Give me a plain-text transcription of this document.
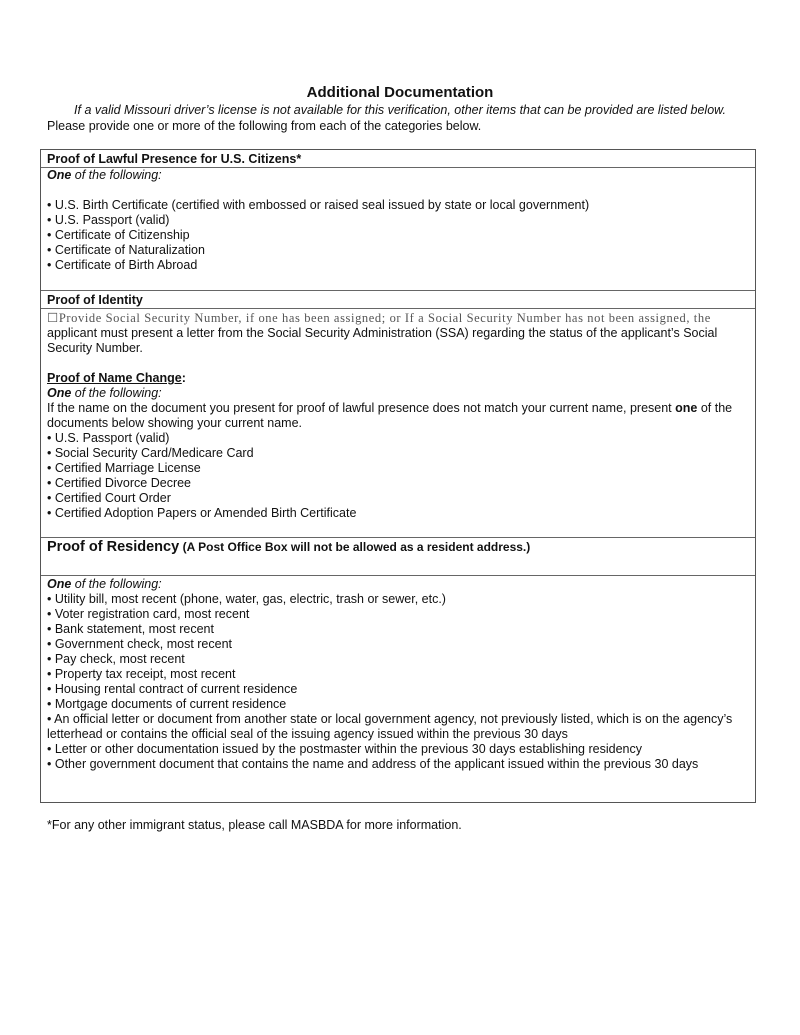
Additional Documentation
If a valid Missouri driver’s license is not available for this verification, other items that can be provided are listed below.
Please provide one or more of the following from each of the categories below.
Proof of Lawful Presence for U.S. Citizens*
One of the following:
• U.S. Birth Certificate (certified with embossed or raised seal issued by state or local government)
• U.S. Passport (valid)
• Certificate of Citizenship
• Certificate of Naturalization
• Certificate of Birth Abroad
Proof of Identity
☐Provide Social Security Number, if one has been assigned; or If a Social Security Number has not been assigned, the
applicant must present a letter from the Social Security Administration (SSA) regarding the status of the applicant’s Social Security Number.
Proof of Name Change:
One of the following:
If the name on the document you present for proof of lawful presence does not match your current name, present one of the documents below showing your current name.
• U.S. Passport (valid)
• Social Security Card/Medicare Card
• Certified Marriage License
• Certified Divorce Decree
• Certified Court Order
• Certified Adoption Papers or Amended Birth Certificate
Proof of Residency (A Post Office Box will not be allowed as a resident address.)
One of the following:
• Utility bill, most recent (phone, water, gas, electric, trash or sewer, etc.)
• Voter registration card, most recent
• Bank statement, most recent
• Government check, most recent
• Pay check, most recent
• Property tax receipt, most recent
• Housing rental contract of current residence
• Mortgage documents of current residence
• An official letter or document from another state or local government agency, not previously listed, which is on the agency’s letterhead or contains the official seal of the issuing agency issued within the previous 30 days
• Letter or other documentation issued by the postmaster within the previous 30 days establishing residency
• Other government document that contains the name and address of the applicant issued within the previous 30 days
*For any other immigrant status, please call MASBDA for more information.
